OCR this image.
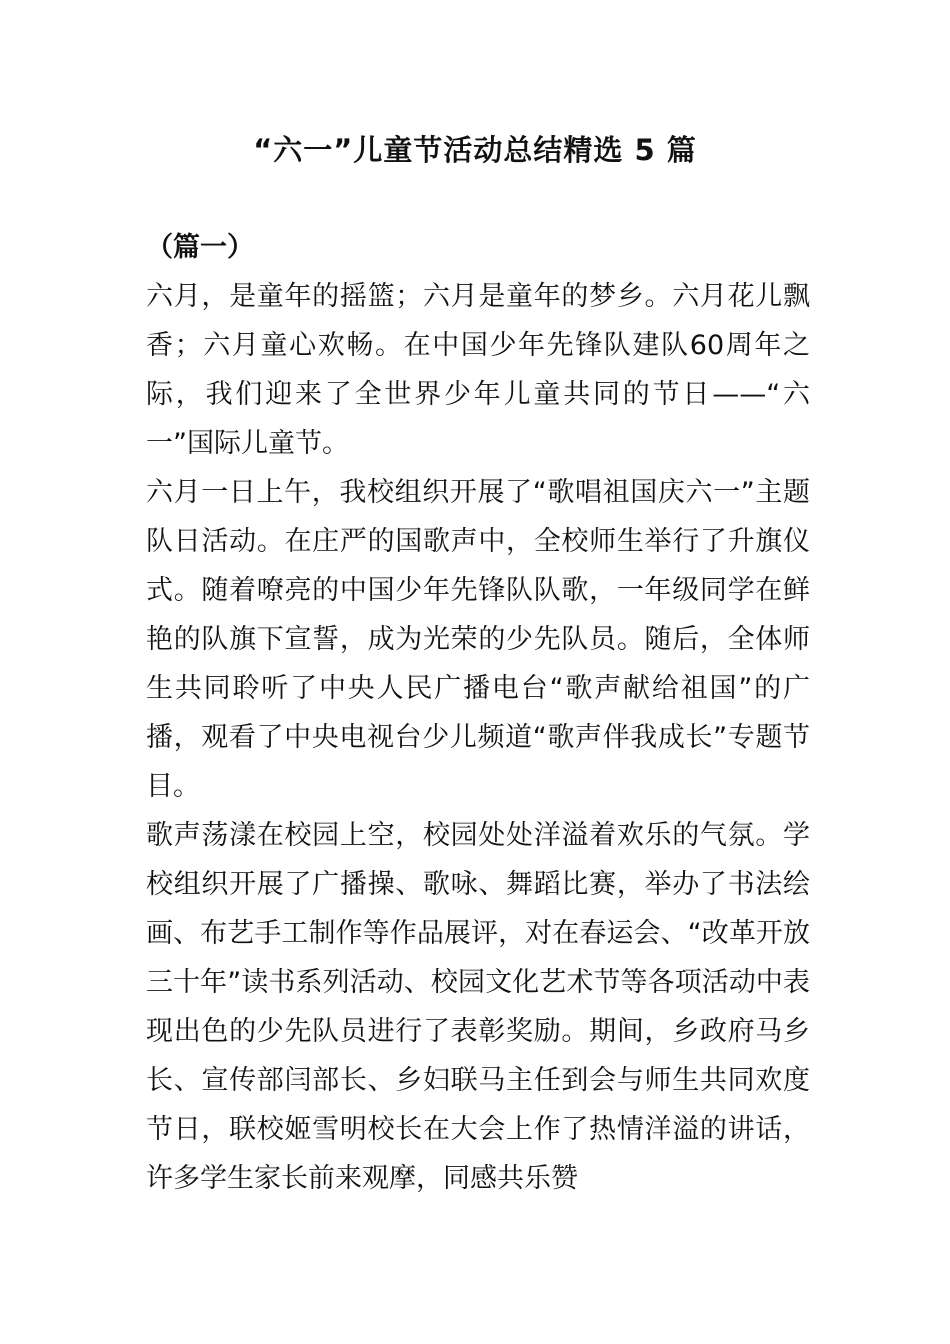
“六一”儿童节活动总结精选 5 篇
（篇一）

六月，是童年的摇篮；六月是童年的梦乡。六月花儿飘香；六月童心欢畅。在中国少年先锋队建队60周年之际，我们迎来了全世界少年儿童共同的节日——“六一”国际儿童节。

六月一日上午，我校组织开展了“歌唱祖国庆六一”主题队日活动。在庄严的国歌声中，全校师生举行了升旗仪式。随着嘹亮的中国少年先锋队队歌，一年级同学在鲜艳的队旗下宣誓，成为光荣的少先队员。随后，全体师生共同聆听了中央人民广播电台“歌声献给祖国”的广播，观看了中央电视台少儿频道“歌声伴我成长”专题节目。

歌声荡漾在校园上空，校园处处洋溢着欢乐的气氛。学校组织开展了广播操、歌咏、舞蹈比赛，举办了书法绘画、布艺手工制作等作品展评，对在春运会、“改革开放三十年”读书系列活动、校园文化艺术节等各项活动中表现出色的少先队员进行了表彰奖励。期间，乡政府马乡长、宣传部闫部长、乡妇联马主任到会与师生共同欢度节日，联校姬雪明校长在大会上作了热情洋溢的讲话，许多学生家长前来观摩，同感共乐赞
